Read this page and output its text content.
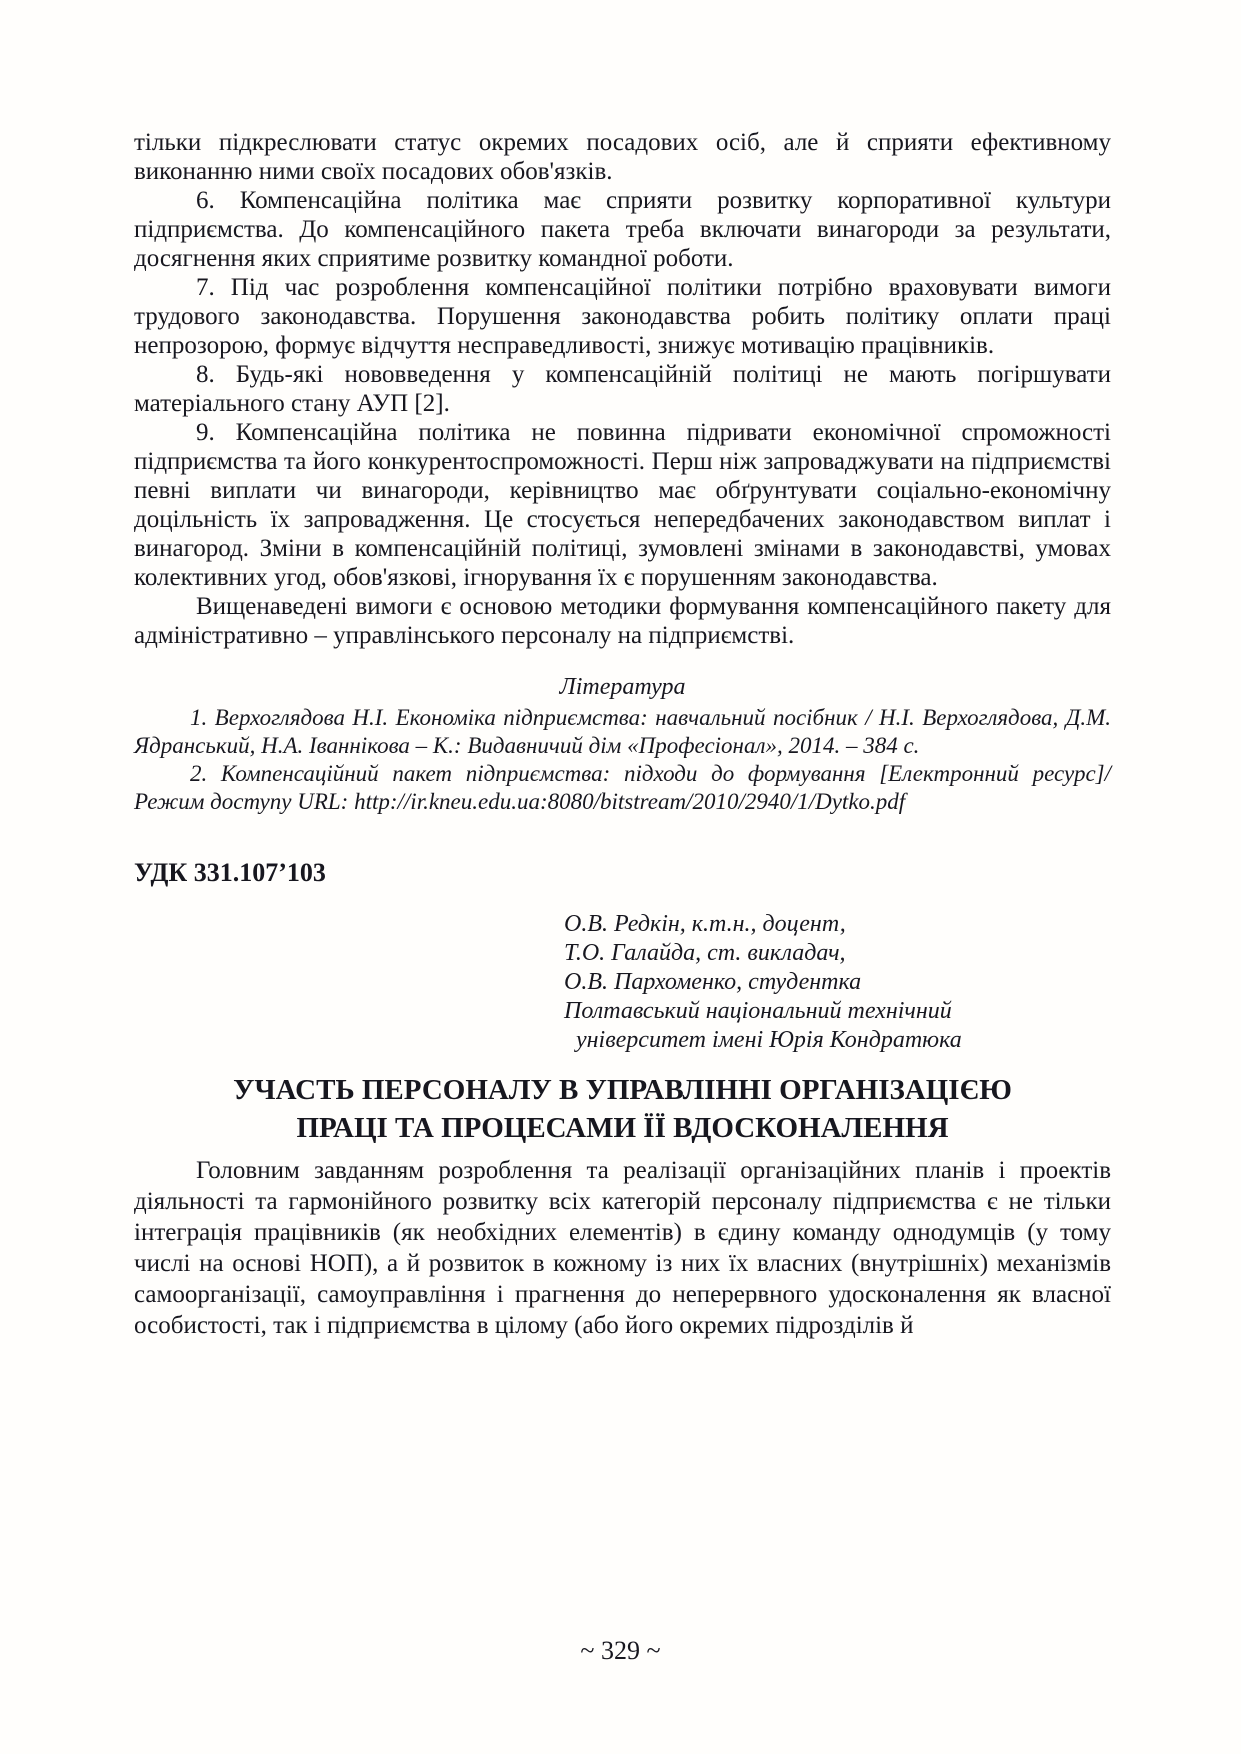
тільки підкреслювати статус окремих посадових осіб, але й сприяти ефективному виконанню ними своїх посадових обов'язків.

6. Компенсаційна політика має сприяти розвитку корпоративної культури підприємства. До компенсаційного пакета треба включати винагороди за результати, досягнення яких сприятиме розвитку командної роботи.

7. Під час розроблення компенсаційної політики потрібно враховувати вимоги трудового законодавства. Порушення законодавства робить політику оплати праці непрозорою, формує відчуття несправедливості, знижує мотивацію працівників.

8. Будь-які нововведення у компенсаційній політиці не мають погіршувати матеріального стану АУП [2].

9. Компенсаційна політика не повинна підривати економічної спроможності підприємства та його конкурентоспроможності. Перш ніж запроваджувати на підприємстві певні виплати чи винагороди, керівництво має обґрунтувати соціально-економічну доцільність їх запровадження. Це стосується непередбачених законодавством виплат і винагород. Зміни в компенсаційній політиці, зумовлені змінами в законодавстві, умовах колективних угод, обов'язкові, ігнорування їх є порушенням законодавства.

Вищенаведені вимоги є основою методики формування компенсаційного пакету для адміністративно – управлінського персоналу на підприємстві.

Література

1. Верхоглядова Н.І. Економіка підприємства: навчальний посібник / Н.І. Верхоглядова, Д.М. Ядранський, Н.А. Іваннікова – К.: Видавничий дім «Професіонал», 2014. – 384 с.

2. Компенсаційний пакет підприємства: підходи до формування [Електронний ресурс]/ Режим доступу URL: http://ir.kneu.edu.ua:8080/bitstream/2010/2940/1/Dytko.pdf

УДК 331.107’103
О.В. Редкін, к.т.н., доцент,
Т.О. Галайда, ст. викладач,
О.В. Пархоменко, студентка
Полтавський національний технічний
університет імені Юрія Кондратюка
УЧАСТЬ ПЕРСОНАЛУ В УПРАВЛІННІ ОРГАНІЗАЦІЄЮ
ПРАЦІ ТА ПРОЦЕСАМИ ЇЇ ВДОСКОНАЛЕННЯ

Головним завданням розроблення та реалізації організаційних планів і проектів діяльності та гармонійного розвитку всіх категорій персоналу підприємства є не тільки інтеграція працівників (як необхідних елементів) в єдину команду однодумців (у тому числі на основі НОП), а й розвиток в кожному із них їх власних (внутрішніх) механізмів самоорганізації, самоуправління і прагнення до неперервного удосконалення як власної особистості, так і підприємства в цілому (або його окремих підрозділів й

~ 329 ~
